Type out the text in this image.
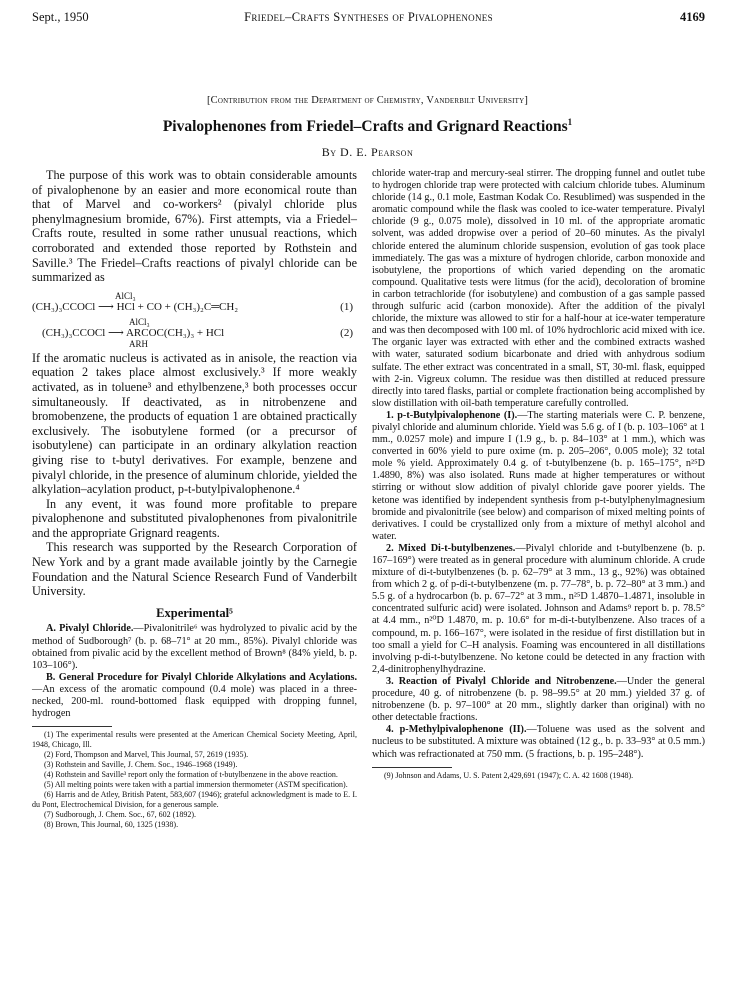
Sept., 1950	Friedel–Crafts Syntheses of Pivalophenones	4169
[Contribution from the Department of Chemistry, Vanderbilt University]
Pivalophenones from Friedel–Crafts and Grignard Reactions$^1$
By D. E. Pearson

The purpose of this work was to obtain considerable amounts of pivalophenone by an easier and more economical route than that of Marvel and co-workers² (pivalyl chloride plus phenylmagnesium bromide, 67%). First attempts, via a Friedel–Crafts route, resulted in some rather unusual reactions, which corroborated and extended those reported by Rothstein and Saville.³ The Friedel–Crafts reactions of pivalyl chloride can be summarized as

AlCl₃
(CH₃)₃CCOCl ⟶ HCl + CO + (CH₃)₂C═CH₂	(1)
AlCl₃
(CH₃)₃CCOCl ⟶ ARCOC(CH₃)₃ + HCl
ARH
(2)

If the aromatic nucleus is activated as in anisole, the reaction via equation 2 takes place almost exclusively.³ If more weakly activated, as in toluene³ and ethylbenzene,³ both processes occur simultaneously. If deactivated, as in nitrobenzene and bromobenzene, the products of equation 1 are obtained practically exclusively. The isobutylene formed (or a precursor of isobutylene) can participate in an ordinary alkylation reaction giving rise to t-butyl derivatives. For example, benzene and pivalyl chloride, in the presence of aluminum chloride, yielded the alkylation–acylation product, p-t-butylpivalophenone.⁴

In any event, it was found more profitable to prepare pivalophenone and substituted pivalophenones from pivalonitrile and the appropriate Grignard reagents.

This research was supported by the Research Corporation of New York and by a grant made available jointly by the Carnegie Foundation and the Natural Science Research Fund of Vanderbilt University.

Experimental⁵

A. Pivalyl Chloride.—Pivalonitrile⁶ was hydrolyzed to pivalic acid by the method of Sudborough⁷ (b. p. 68–71° at 20 mm., 85%). Pivalyl chloride was obtained from pivalic acid by the excellent method of Brown⁸ (84% yield, b. p. 103–106°).

B. General Procedure for Pivalyl Chloride Alkylations and Acylations.—An excess of the aromatic compound (0.4 mole) was placed in a three-necked, 200-ml. round-bottomed flask equipped with dropping funnel, hydrogen

(1) The experimental results were presented at the American Chemical Society Meeting, April, 1948, Chicago, Ill.

(2) Ford, Thompson and Marvel, This Journal, 57, 2619 (1935).

(3) Rothstein and Saville, J. Chem. Soc., 1946–1968 (1949).

(4) Rothstein and Saville³ report only the formation of t-butylbenzene in the above reaction.

(5) All melting points were taken with a partial immersion thermometer (ASTM specification).

(6) Harris and de Atley, British Patent, 583,607 (1946); grateful acknowledgment is made to E. I. du Pont, Electrochemical Division, for a generous sample.

(7) Sudborough, J. Chem. Soc., 67, 602 (1892).

(8) Brown, This Journal, 60, 1325 (1938).

chloride water-trap and mercury-seal stirrer. The dropping funnel and outlet tube to hydrogen chloride trap were protected with calcium chloride tubes. Aluminum chloride (14 g., 0.1 mole, Eastman Kodak Co. Resublimed) was suspended in the aromatic compound while the flask was cooled to ice-water temperature. Pivalyl chloride (9 g., 0.075 mole), dissolved in 10 ml. of the appropriate aromatic solvent, was added dropwise over a period of 20–60 minutes. As the pivalyl chloride entered the aluminum chloride suspension, evolution of gas took place immediately. The gas was a mixture of hydrogen chloride, carbon monoxide and isobutylene, the proportions of which varied depending on the aromatic compound. Qualitative tests were litmus (for the acid), decoloration of bromine in carbon tetrachloride (for isobutylene) and combustion of a gas sample passed through sulfuric acid (carbon monoxide). After the addition of the pivalyl chloride, the mixture was allowed to stir for a half-hour at ice-water temperature and was then decomposed with 100 ml. of 10% hydrochloric acid mixed with ice. The organic layer was extracted with ether and the combined extracts washed with water, saturated sodium bicarbonate and dried with anhydrous sodium sulfate. The ether extract was concentrated in a small, ST, 30-ml. flask, equipped with 2-in. Vigreux column. The residue was then distilled at reduced pressure directly into tared flasks, partial or complete fractionation being accomplished by slow distillation with oil-bath temperature carefully controlled.

1. p-t-Butylpivalophenone (I).—The starting materials were C. P. benzene, pivalyl chloride and aluminum chloride. Yield was 5.6 g. of I (b. p. 103–106° at 1 mm., 0.0257 mole) and impure I (1.9 g., b. p. 84–103° at 1 mm.), which was converted in 60% yield to pure oxime (m. p. 205–206°, 0.005 mole); 32 total mole % yield. Approximately 0.4 g. of t-butylbenzene (b. p. 165–175°, n²⁵D 1.4890, 8%) was also isolated. Runs made at higher temperatures or without stirring or without slow addition of pivalyl chloride gave poorer yields. The ketone was identified by independent synthesis from p-t-butylphenylmagnesium bromide and pivalonitrile (see below) and comparison of mixed melting points of derivatives. I could be crystallized only from a mixture of methyl alcohol and water.

2. Mixed Di-t-butylbenzenes.—Pivalyl chloride and t-butylbenzene (b. p. 167–169°) were treated as in general procedure with aluminum chloride. A crude mixture of di-t-butylbenzenes (b. p. 62–79° at 3 mm., 13 g., 92%) was obtained from which 2 g. of p-di-t-butylbenzene (m. p. 77–78°, b. p. 72–80° at 3 mm.) and 5.5 g. of a hydrocarbon (b. p. 67–72° at 3 mm., n²⁵D 1.4870–1.4871, insoluble in concentrated sulfuric acid) were isolated. Johnson and Adams⁹ report b. p. 78.5° at 4.4 mm., n²⁰D 1.4870, m. p. 10.6° for m-di-t-butylbenzene. Also traces of a compound, m. p. 166–167°, were isolated in the residue of first distillation but in too small a yield for C–H analysis. Foaming was encountered in all distillations involving p-di-t-butylbenzene. No ketone could be detected in any fraction with 2,4-dinitrophenylhydrazine.

3. Reaction of Pivalyl Chloride and Nitrobenzene.—Under the general procedure, 40 g. of nitrobenzene (b. p. 98–99.5° at 20 mm.) yielded 37 g. of nitrobenzene (b. p. 97–100° at 20 mm., slightly darker than original) with no other detectable fractions.

4. p-Methylpivalophenone (II).—Toluene was used as the solvent and nucleus to be substituted. A mixture was obtained (12 g., b. p. 33–93° at 0.5 mm.) which was refractionated at 750 mm. (5 fractions, b. p. 195–248°).

(9) Johnson and Adams, U. S. Patent 2,429,691 (1947); C. A. 42 1608 (1948).
